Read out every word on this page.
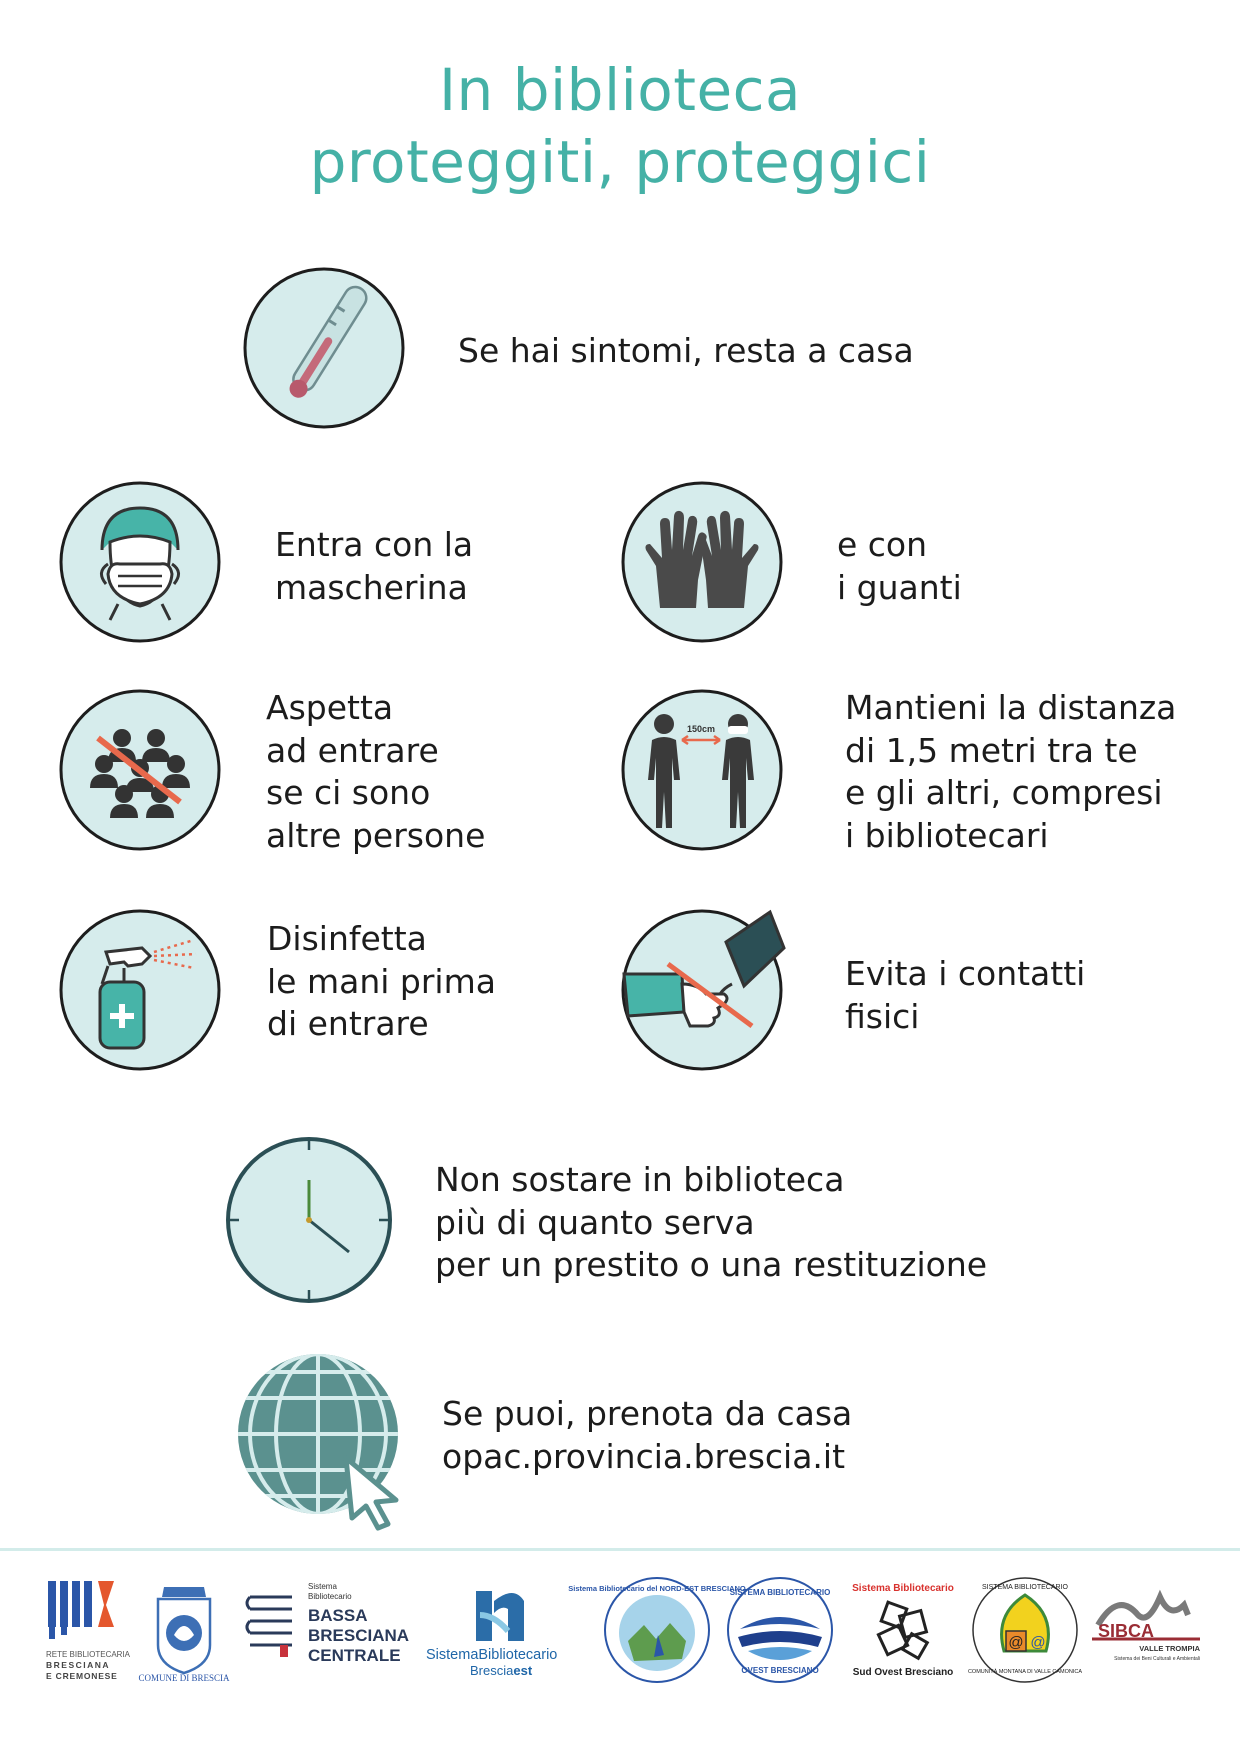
In biblioteca
proteggiti, proteggici
Se hai sintomi, resta a casa
Entra con la
mascherina
e con
i guanti
Aspetta
ad entrare
se ci sono
altre persone
150cm
Mantieni la distanza
di 1,5 metri tra te
e gli altri, compresi
i bibliotecari
Disinfetta
le mani prima
di entrare
Evita i contatti
fisici
Non sostare in biblioteca
più di quanto serva
per un prestito o una restituzione
Se puoi, prenota da casa
opac.provincia.brescia.it
RETE BIBLIOTECARIA
BRESCIANA
E CREMONESE COMUNE DI BRESCIA
Sistema
Bibliotecario
BASSA
BRESCIANA
CENTRALE SistemaBibliotecario
Bresciaest
Sistema Bibliotecario del NORD-EST BRESCIANO
SISTEMA BIBLIOTECARIO
OVEST BRESCIANO
Sistema Bibliotecario
Sud Ovest Bresciano
@ @
SISTEMA BIBLIOTECARIO
COMUNITÀ MONTANA DI VALLE CAMONICA
SIBCA
VALLE TROMPIA
Sistema dei Beni Culturali e Ambientali
